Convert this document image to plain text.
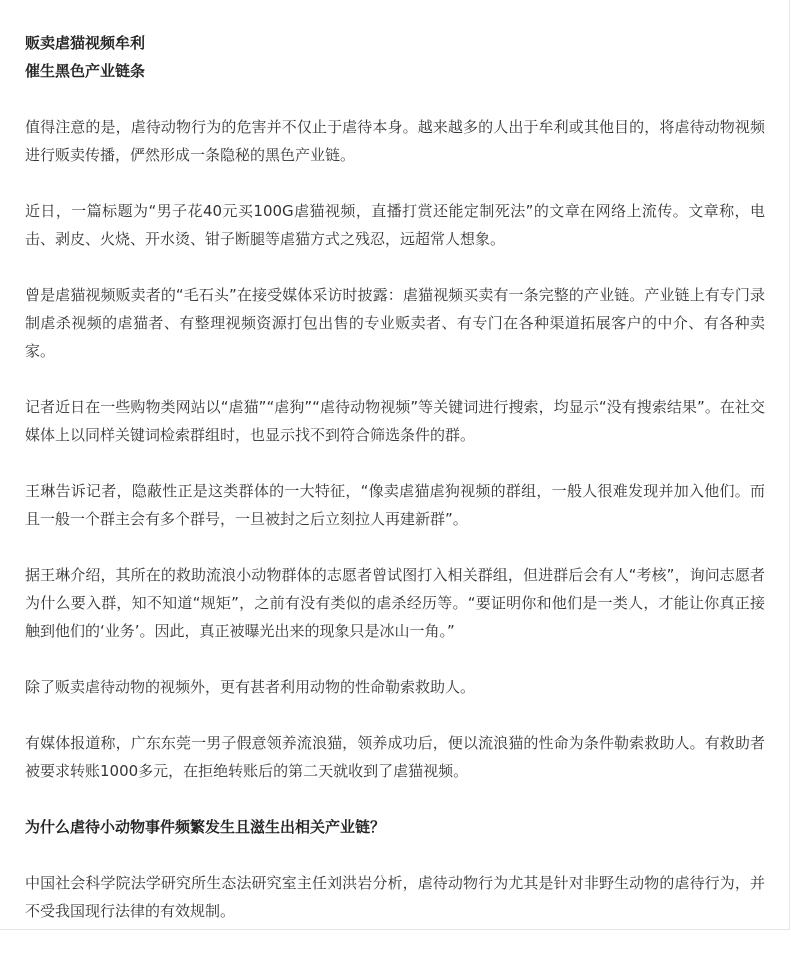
贩卖虐猫视频牟利

催生黑色产业链条

值得注意的是，虐待动物行为的危害并不仅止于虐待本身。越来越多的人出于牟利或其他目的，将虐待动物视频进行贩卖传播，俨然形成一条隐秘的黑色产业链。

近日，一篇标题为“男子花40元买100G虐猫视频，直播打赏还能定制死法”的文章在网络上流传。文章称，电击、剥皮、火烧、开水烫、钳子断腿等虐猫方式之残忍，远超常人想象。

曾是虐猫视频贩卖者的“毛石头”在接受媒体采访时披露：虐猫视频买卖有一条完整的产业链。产业链上有专门录制虐杀视频的虐猫者、有整理视频资源打包出售的专业贩卖者、有专门在各种渠道拓展客户的中介、有各种卖家。

记者近日在一些购物类网站以“虐猫”“虐狗”“虐待动物视频”等关键词进行搜索，均显示“没有搜索结果”。在社交媒体上以同样关键词检索群组时，也显示找不到符合筛选条件的群。

王琳告诉记者，隐蔽性正是这类群体的一大特征，“像卖虐猫虐狗视频的群组，一般人很难发现并加入他们。而且一般一个群主会有多个群号，一旦被封之后立刻拉人再建新群”。

据王琳介绍，其所在的救助流浪小动物群体的志愿者曾试图打入相关群组，但进群后会有人“考核”，询问志愿者为什么要入群，知不知道“规矩”，之前有没有类似的虐杀经历等。“要证明你和他们是一类人，才能让你真正接触到他们的‘业务’。因此，真正被曝光出来的现象只是冰山一角。”

除了贩卖虐待动物的视频外，更有甚者利用动物的性命勒索救助人。

有媒体报道称，广东东莞一男子假意领养流浪猫，领养成功后，便以流浪猫的性命为条件勒索救助人。有救助者被要求转账1000多元，在拒绝转账后的第二天就收到了虐猫视频。

为什么虐待小动物事件频繁发生且滋生出相关产业链？

中国社会科学院法学研究所生态法研究室主任刘洪岩分析，虐待动物行为尤其是针对非野生动物的虐待行为，并不受我国现行法律的有效规制。
